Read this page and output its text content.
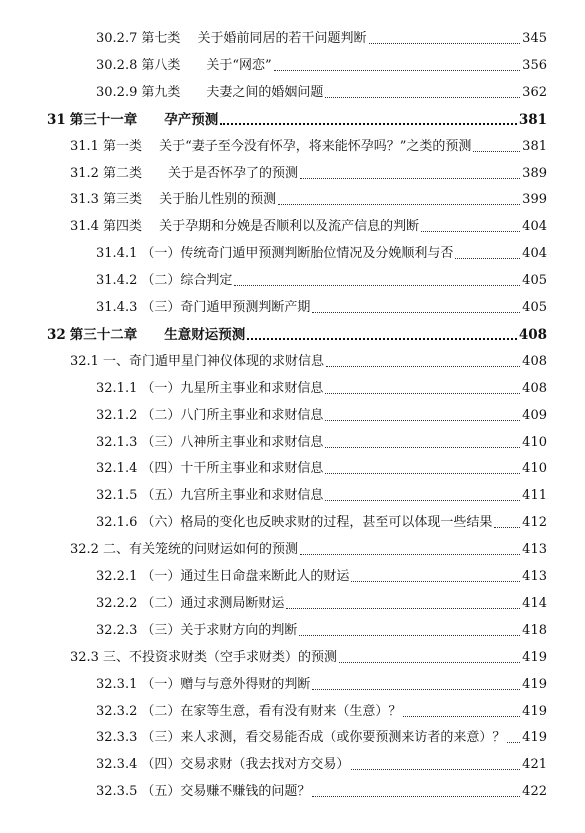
30.2.7 第七类　 关于婚前同居的若干问题判断	345
30.2.8 第八类　　关于“网恋”	356
30.2.9 第九类　　夫妻之间的婚姻问题	362
31 第三十一章　　孕产预测	381
31.1 第一类　 关于“妻子至今没有怀孕，将来能怀孕吗？”之类的预测	381
31.2 第二类　　关于是否怀孕了的预测	389
31.3 第三类　 关于胎儿性别的预测	399
31.4 第四类　 关于孕期和分娩是否顺利以及流产信息的判断	404
31.4.1 （一）传统奇门遁甲预测判断胎位情况及分娩顺利与否	404
31.4.2 （二）综合判定	405
31.4.3 （三）奇门遁甲预测判断产期	405
32 第三十二章　　生意财运预测	408
32.1 一、奇门遁甲星门神仪体现的求财信息	408
32.1.1 （一）九星所主事业和求财信息	408
32.1.2 （二）八门所主事业和求财信息	409
32.1.3 （三）八神所主事业和求财信息	410
32.1.4 （四）十干所主事业和求财信息	410
32.1.5 （五）九宫所主事业和求财信息	411
32.1.6 （六）格局的变化也反映求财的过程，甚至可以体现一些结果 412
32.2 二、有关笼统的问财运如何的预测	413
32.2.1 （一）通过生日命盘来断此人的财运	413
32.2.2 （二）通过求测局断财运	414
32.2.3 （三）关于求财方向的判断	418
32.3 三、不投资求财类（空手求财类）的预测	419
32.3.1 （一）赠与与意外得财的判断	419
32.3.2 （二）在家等生意，看有没有财来（生意）？	419
32.3.3 （三）来人求测，看交易能否成（或你要预测来访者的来意）？ 419
32.3.4 （四）交易求财（我去找对方交易）	421
32.3.5 （五）交易赚不赚钱的问题？	422
